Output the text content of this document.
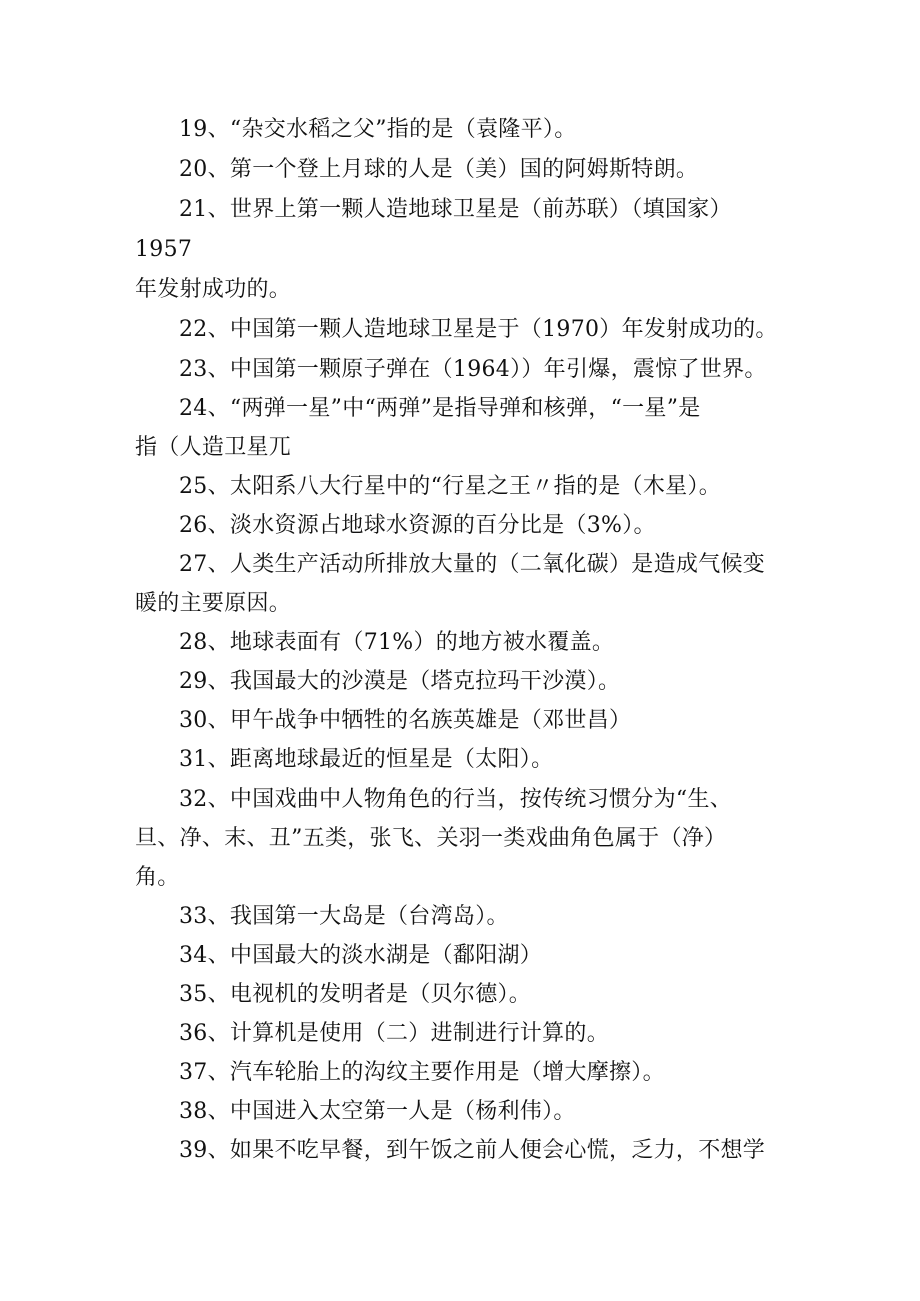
19、“杂交水稻之父”指的是（袁隆平）。
20、第一个登上月球的人是（美）国的阿姆斯特朗。
21、世界上第一颗人造地球卫星是（前苏联）（填国家）
1957
年发射成功的。
22、中国第一颗人造地球卫星是于（1970）年发射成功的。
23、中国第一颗原子弹在（1964））年引爆，震惊了世界。
24、“两弹一星”中“两弹”是指导弹和核弹，“一星”是
指（人造卫星兀
25、太阳系八大行星中的“行星之王〃指的是（木星）。
26、淡水资源占地球水资源的百分比是（3%）。
27、人类生产活动所排放大量的（二氧化碳）是造成气候变
暖的主要原因。
28、地球表面有（71%）的地方被水覆盖。
29、我国最大的沙漠是（塔克拉玛干沙漠）。
30、甲午战争中牺牲的名族英雄是（邓世昌）
31、距离地球最近的恒星是（太阳）。
32、中国戏曲中人物角色的行当，按传统习惯分为“生、
旦、净、末、丑”五类，张飞、关羽一类戏曲角色属于（净）
角。
33、我国第一大岛是（台湾岛）。
34、中国最大的淡水湖是（鄱阳湖）
35、电视机的发明者是（贝尔德）。
36、计算机是使用（二）进制进行计算的。
37、汽车轮胎上的沟纹主要作用是（增大摩擦）。
38、中国进入太空第一人是（杨利伟）。
39、如果不吃早餐，到午饭之前人便会心慌，乏力，不想学
